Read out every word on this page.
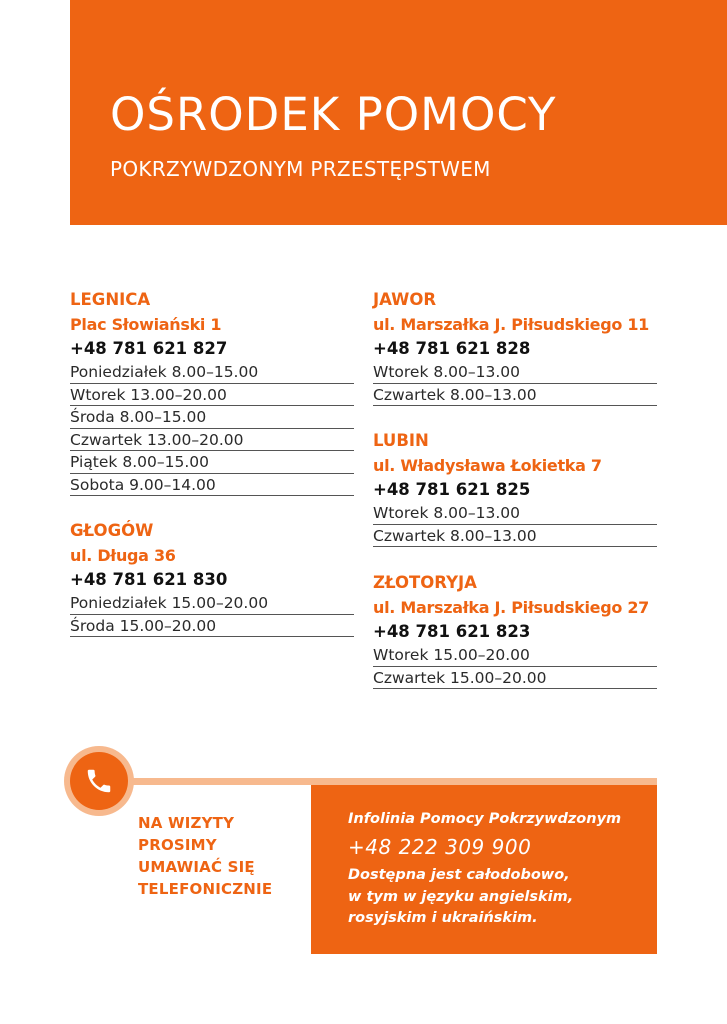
OŚRODEK POMOCY
POKRZYWDZONYM PRZESTĘPSTWEM
LEGNICA
Plac Słowiański 1
+48 781 621 827
Poniedziałek 8.00–15.00
Wtorek 13.00–20.00
Środa 8.00–15.00
Czwartek 13.00–20.00
Piątek 8.00–15.00
Sobota 9.00–14.00
GŁOGÓW
ul. Długa 36
+48 781 621 830
Poniedziałek 15.00–20.00
Środa 15.00–20.00
JAWOR
ul. Marszałka J. Piłsudskiego 11
+48 781 621 828
Wtorek 8.00–13.00
Czwartek 8.00–13.00
LUBIN
ul. Władysława Łokietka 7
+48 781 621 825
Wtorek 8.00–13.00
Czwartek 8.00–13.00
ZŁOTORYJA
ul. Marszałka J. Piłsudskiego 27
+48 781 621 823
Wtorek 15.00–20.00
Czwartek 15.00–20.00
NA WIZYTY
PROSIMY
UMAWIAĆ SIĘ
TELEFONICZNIE
Infolinia Pomocy Pokrzywdzonym
+48 222 309 900
Dostępna jest całodobowo,
w tym w języku angielskim,
rosyjskim i ukraińskim.
